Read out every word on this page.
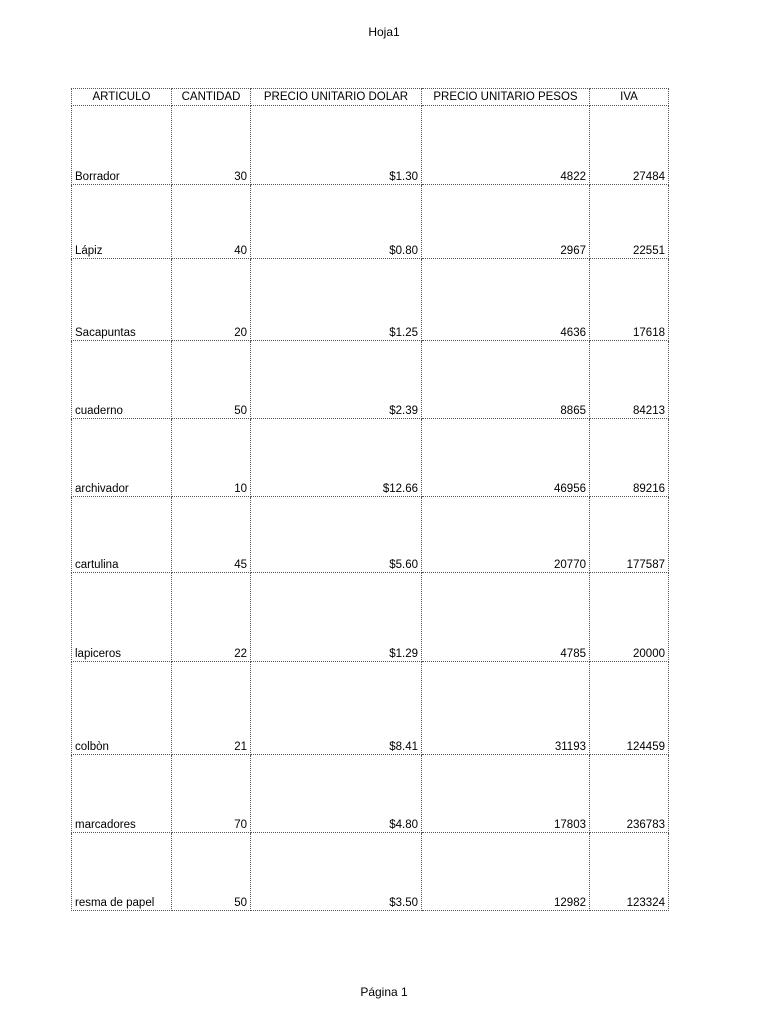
Hoja1
ARTICULO	CANTIDAD	PRECIO UNITARIO DOLAR	PRECIO UNITARIO PESOS	IVA
Borrador	30	$1.30	4822	27484
Lápiz	40	$0.80	2967	22551
Sacapuntas	20	$1.25	4636	17618
cuaderno	50	$2.39	8865	84213
archivador	10	$12.66	46956	89216
cartulina	45	$5.60	20770	177587
lapiceros	22	$1.29	4785	20000
colbòn	21	$8.41	31193	124459
marcadores	70	$4.80	17803	236783
resma de papel	50	$3.50	12982	123324
Página 1
